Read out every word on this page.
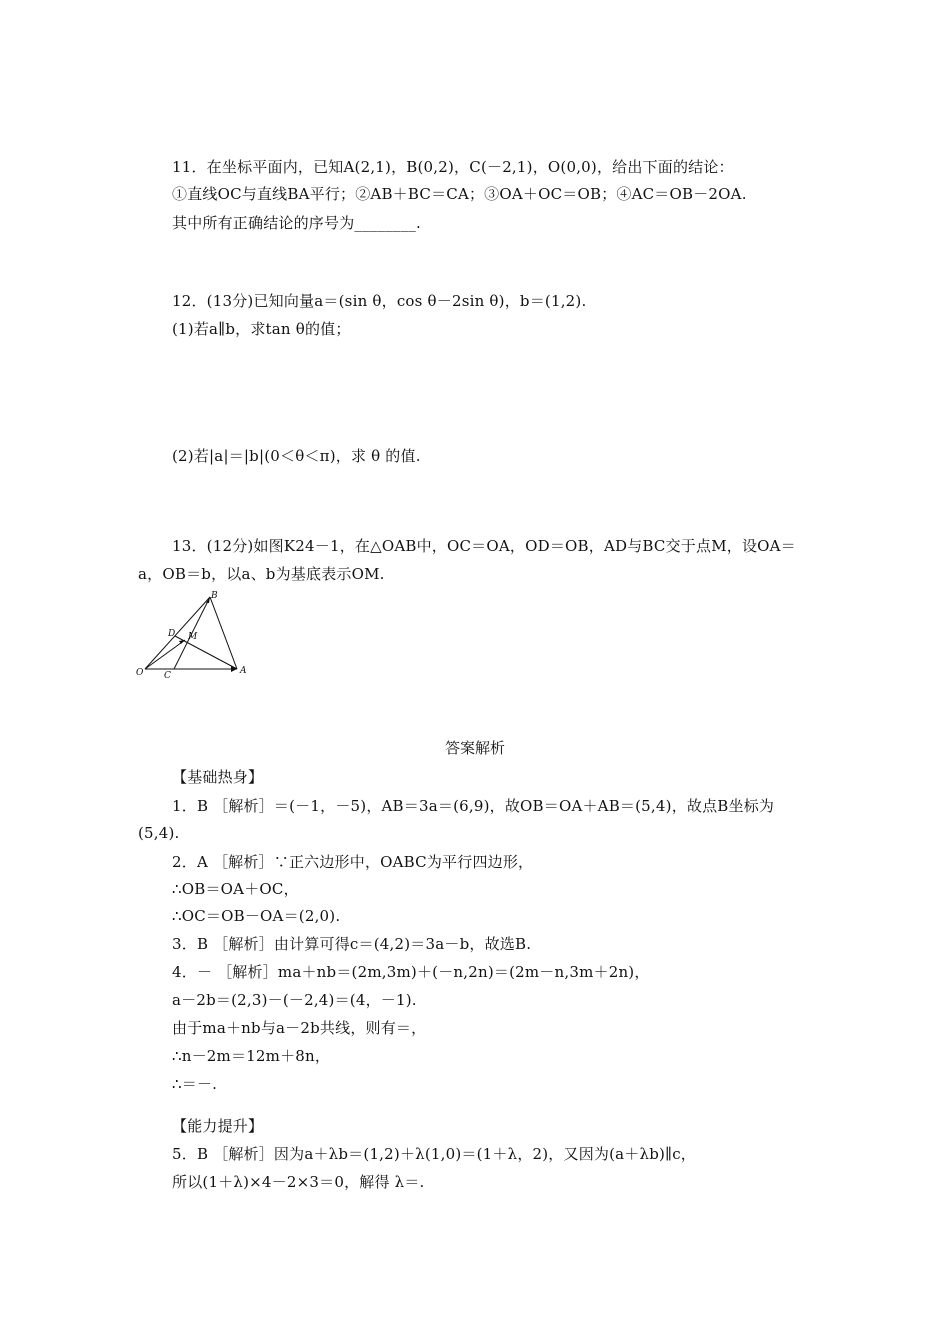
11．在坐标平面内，已知A(2,1)，B(0,2)，C(－2,1)，O(0,0)，给出下面的结论：
①直线OC与直线BA平行；②AB＋BC＝CA；③OA＋OC＝OB；④AC＝OB－2OA.
其中所有正确结论的序号为________.
12．(13分)已知向量a＝(sin θ，cos θ－2sin θ)，b＝(1,2).
(1)若a∥b，求tan θ的值；
(2)若|a|＝|b|(0＜θ＜π)，求 θ 的值.
13．(12分)如图K24－1，在△OAB中，OC＝OA，OD＝OB，AD与BC交于点M，设OA＝
a，OB＝b，以a、b为基底表示OM.
B
D M
O C	A
答案解析
【基础热身】
1．B ［解析］＝(－1，－5)，AB＝3a＝(6,9)，故OB＝OA＋AB＝(5,4)，故点B坐标为
(5,4).
2．A ［解析］∵正六边形中，OABC为平行四边形，
∴OB＝OA＋OC，
∴OC＝OB－OA＝(2,0).
3．B ［解析］由计算可得c＝(4,2)＝3a－b，故选B.
4．－ ［解析］ma＋nb＝(2m,3m)＋(－n,2n)＝(2m－n,3m＋2n)，
a－2b＝(2,3)－(－2,4)＝(4，－1).
由于ma＋nb与a－2b共线，则有＝，
∴n－2m＝12m＋8n，
∴＝－.
【能力提升】
5．B ［解析］因为a＋λb＝(1,2)＋λ(1,0)＝(1＋λ，2)，又因为(a＋λb)∥c，
所以(1＋λ)×4－2×3＝0，解得 λ＝.
